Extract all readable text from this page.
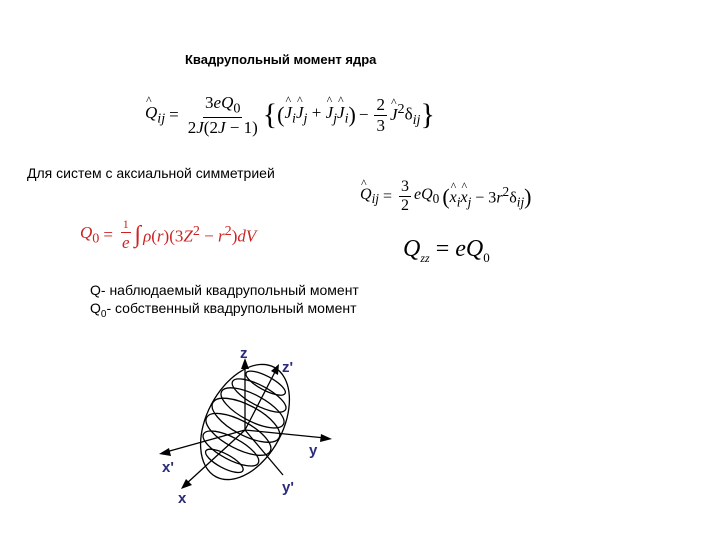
Квадрупольный момент ядра
^ $Q_{ij} = \frac{3eQ_0}{2J(2J - 1)}$ { ( ^ $J_i\^{}$ $J_j$ + ^ $J_j\^{}$ $J_i$ ) − $\frac{2}{3}$ ^ $J^2\delta_{ij}$ }
Для систем с аксиальной симметрией
^ $Q_{ij} = \frac{3}{2} eQ_0$ ( ^ $x_i\^{}$ $x_j - 3r^2\delta_{ij}$ )
$Q_0 = \frac{1}{e}$ ∫ $\rho(r)(3Z^2 - r^2)dV$	$Q_{zz} = eQ_0$
Q- наблюдаемый квадрупольный момент
$Q_0-$ собственный квадрупольный момент
z
z'
y
x'
y'
x
